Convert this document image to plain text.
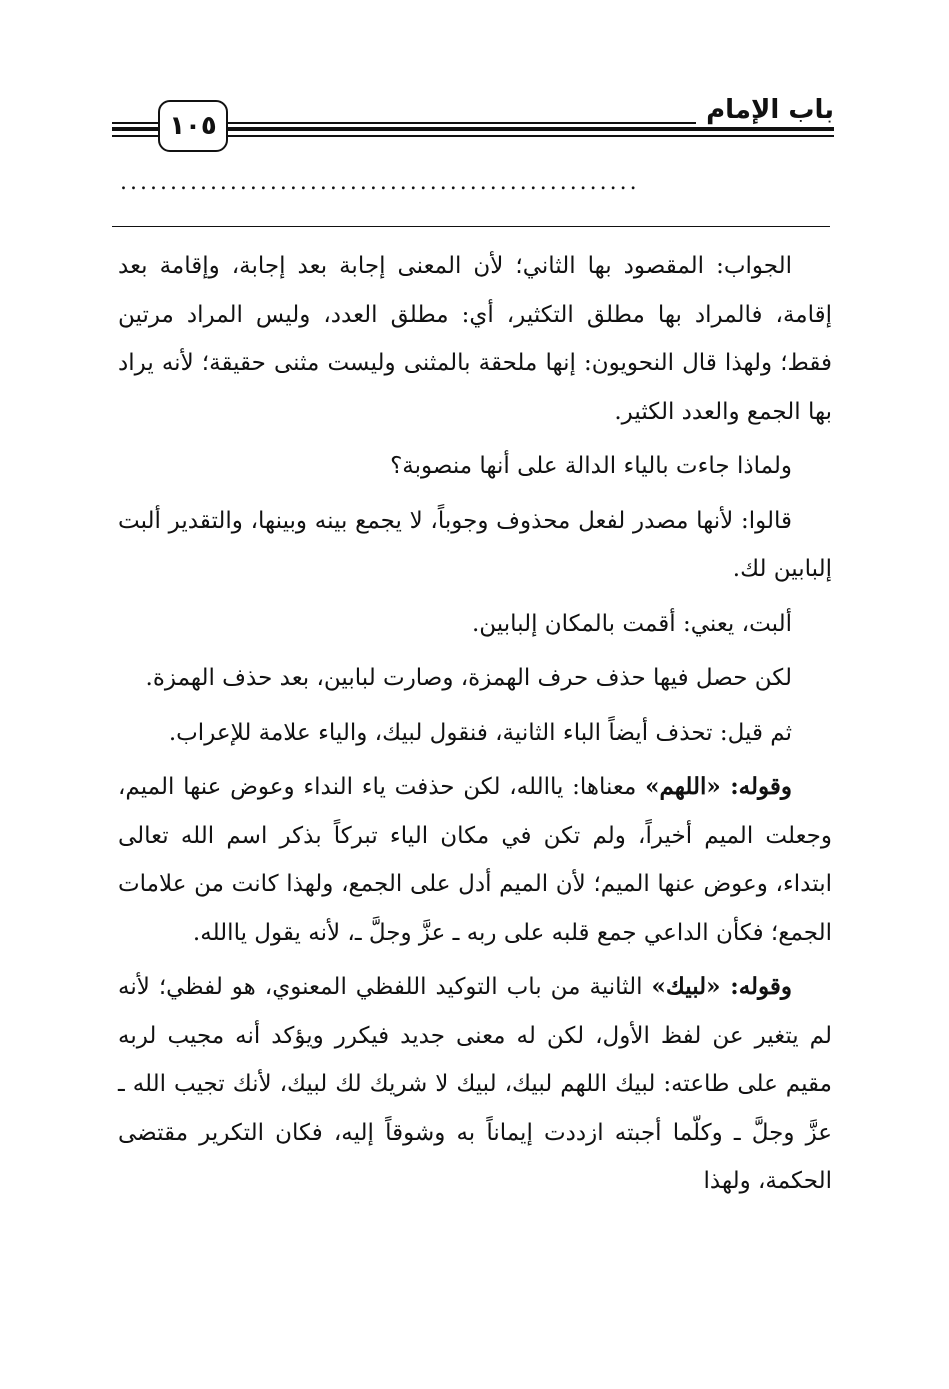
باب الإمام
١٠٥
....................................................

الجواب: المقصود بها الثاني؛ لأن المعنى إجابة بعد إجابة، وإقامة بعد إقامة، فالمراد بها مطلق التكثير، أي: مطلق العدد، وليس المراد مرتين فقط؛ ولهذا قال النحويون: إنها ملحقة بالمثنى وليست مثنى حقيقة؛ لأنه يراد بها الجمع والعدد الكثير.

ولماذا جاءت بالياء الدالة على أنها منصوبة؟

قالوا: لأنها مصدر لفعل محذوف وجوباً، لا يجمع بينه وبينها، والتقدير ألبت إلبابين لك.

ألبت، يعني: أقمت بالمكان إلبابين.

لكن حصل فيها حذف حرف الهمزة، وصارت لبابين، بعد حذف الهمزة.

ثم قيل: تحذف أيضاً الباء الثانية، فنقول لبيك، والياء علامة للإعراب.

وقوله: «اللهم» معناها: ياالله، لكن حذفت ياء النداء وعوض عنها الميم، وجعلت الميم أخيراً، ولم تكن في مكان الياء تبركاً بذكر اسم الله تعالى ابتداء، وعوض عنها الميم؛ لأن الميم أدل على الجمع، ولهذا كانت من علامات الجمع؛ فكأن الداعي جمع قلبه على ربه ـ عزَّ وجلَّ ـ، لأنه يقول ياالله.

وقوله: «لبيك» الثانية من باب التوكيد اللفظي المعنوي، هو لفظي؛ لأنه لم يتغير عن لفظ الأول، لكن له معنى جديد فيكرر ويؤكد أنه مجيب لربه مقيم على طاعته: لبيك اللهم لبيك، لبيك لا شريك لك لبيك، لأنك تجيب الله ـ عزَّ وجلَّ ـ وكلّما أجبته ازددت إيماناً به وشوقاً إليه، فكان التكرير مقتضى الحكمة، ولهذا
